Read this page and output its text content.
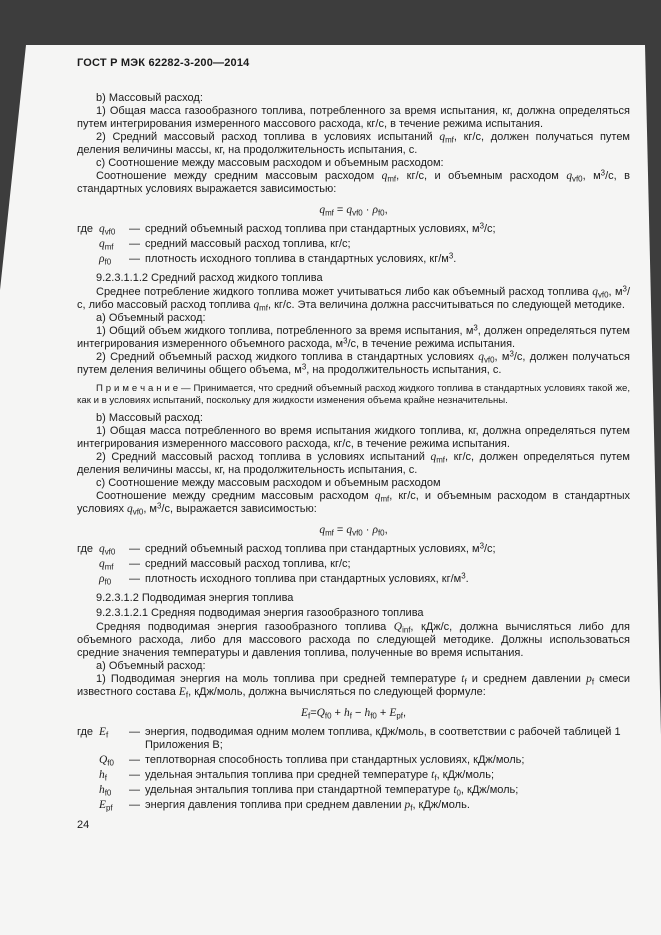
ГОСТ Р МЭК 62282-3-200—2014
b) Массовый расход:
1) Общая масса газообразного топлива, потребленного за время испытания, кг, должна определяться путем интегрирования измеренного массового расхода, кг/с, в течение режима испытания.
2) Средний массовый расход топлива в условиях испытаний $q_{mf}$, кг/с, должен получаться путем деления величины массы, кг, на продолжительность испытания, с.
c) Соотношение между массовым расходом и объемным расходом:
Соотношение между средним массовым расходом $q_{mf}$, кг/с, и объемным расходом $q_{vf0}$, $м^3/с$, в стандартных условиях выражается зависимостью:
$q_{mf} = q_{vf0} \cdot \rho_{f0}$,
где $q_{vf0}$	— средний объемный расход топлива при стандартных условиях, $м^3/с$;
$q_{mf}$	— средний массовый расход топлива, кг/с;
$\rho_{f0}$	— плотность исходного топлива в стандартных условиях, $кг/м^3$.
9.2.3.1.1.2 Средний расход жидкого топлива
Среднее потребление жидкого топлива может учитываться либо как объемный расход топлива $q_{vf0}$, $м^3/с$, либо массовый расход топлива $q_{mf}$, кг/с. Эта величина должна рассчитываться по следующей методике.
a) Объемный расход:
1) Общий объем жидкого топлива, потребленного за время испытания, $м^3$, должен определяться путем интегрирования измеренного объемного расхода, $м^3/с$, в течение режима испытания.
2) Средний объемный расход жидкого топлива в стандартных условиях $q_{vf0}$, $м^3/с$, должен получаться путем деления величины общего объема, $м^3$, на продолжительность испытания, с.
П р и м е ч а н и е — Принимается, что средний объемный расход жидкого топлива в стандартных условиях такой же, как и в условиях испытаний, поскольку для жидкости изменения объема крайне незначительны.
b) Массовый расход:
1) Общая масса потребленного во время испытания жидкого топлива, кг, должна определяться путем интегрирования измеренного массового расхода, кг/с, в течение режима испытания.
2) Средний массовый расход топлива в условиях испытаний $q_{mf}$, кг/с, должен определяться путем деления величины массы, кг, на продолжительность испытания, с.
c) Соотношение между массовым расходом и объемным расходом
Соотношение между средним массовым расходом $q_{mf}$, кг/с, и объемным расходом в стандартных условиях $q_{vf0}$, $м^3/с$, выражается зависимостью:
$q_{mf} = q_{vf0} \cdot \rho_{f0}$,
где $q_{vf0}$	— средний объемный расход топлива при стандартных условиях, $м^3/с$;
$q_{mf}$	— средний массовый расход топлива, кг/с;
$\rho_{f0}$	— плотность исходного топлива при стандартных условиях, $кг/м^3$.
9.2.3.1.2 Подводимая энергия топлива
9.2.3.1.2.1 Средняя подводимая энергия газообразного топлива
Средняя подводимая энергия газообразного топлива $Q_{inf}$, кДж/с, должна вычисляться либо для объемного расхода, либо для массового расхода по следующей методике. Должны использоваться средние значения температуры и давления топлива, полученные во время испытания.
a) Объемный расход:
1) Подводимая энергия на моль топлива при средней температуре $t_f$ и среднем давлении $p_f$ смеси известного состава $E_f$, кДж/моль, должна вычисляться по следующей формуле:
$E_f=Q_{f0} + h_f - h_{f0} + E_{pf}$,
где $E_f$	— энергия, подводимая одним молем топлива, кДж/моль, в соответствии с рабочей таблицей 1 Приложения В;
$Q_{f0}$	— теплотворная способность топлива при стандартных условиях, кДж/моль;
$h_f$	— удельная энтальпия топлива при средней температуре $t_f$, кДж/моль;
$h_{f0}$	— удельная энтальпия топлива при стандартной температуре $t_0$, кДж/моль;
$E_{pf}$	— энергия давления топлива при среднем давлении $p_f$, кДж/моль.
24
